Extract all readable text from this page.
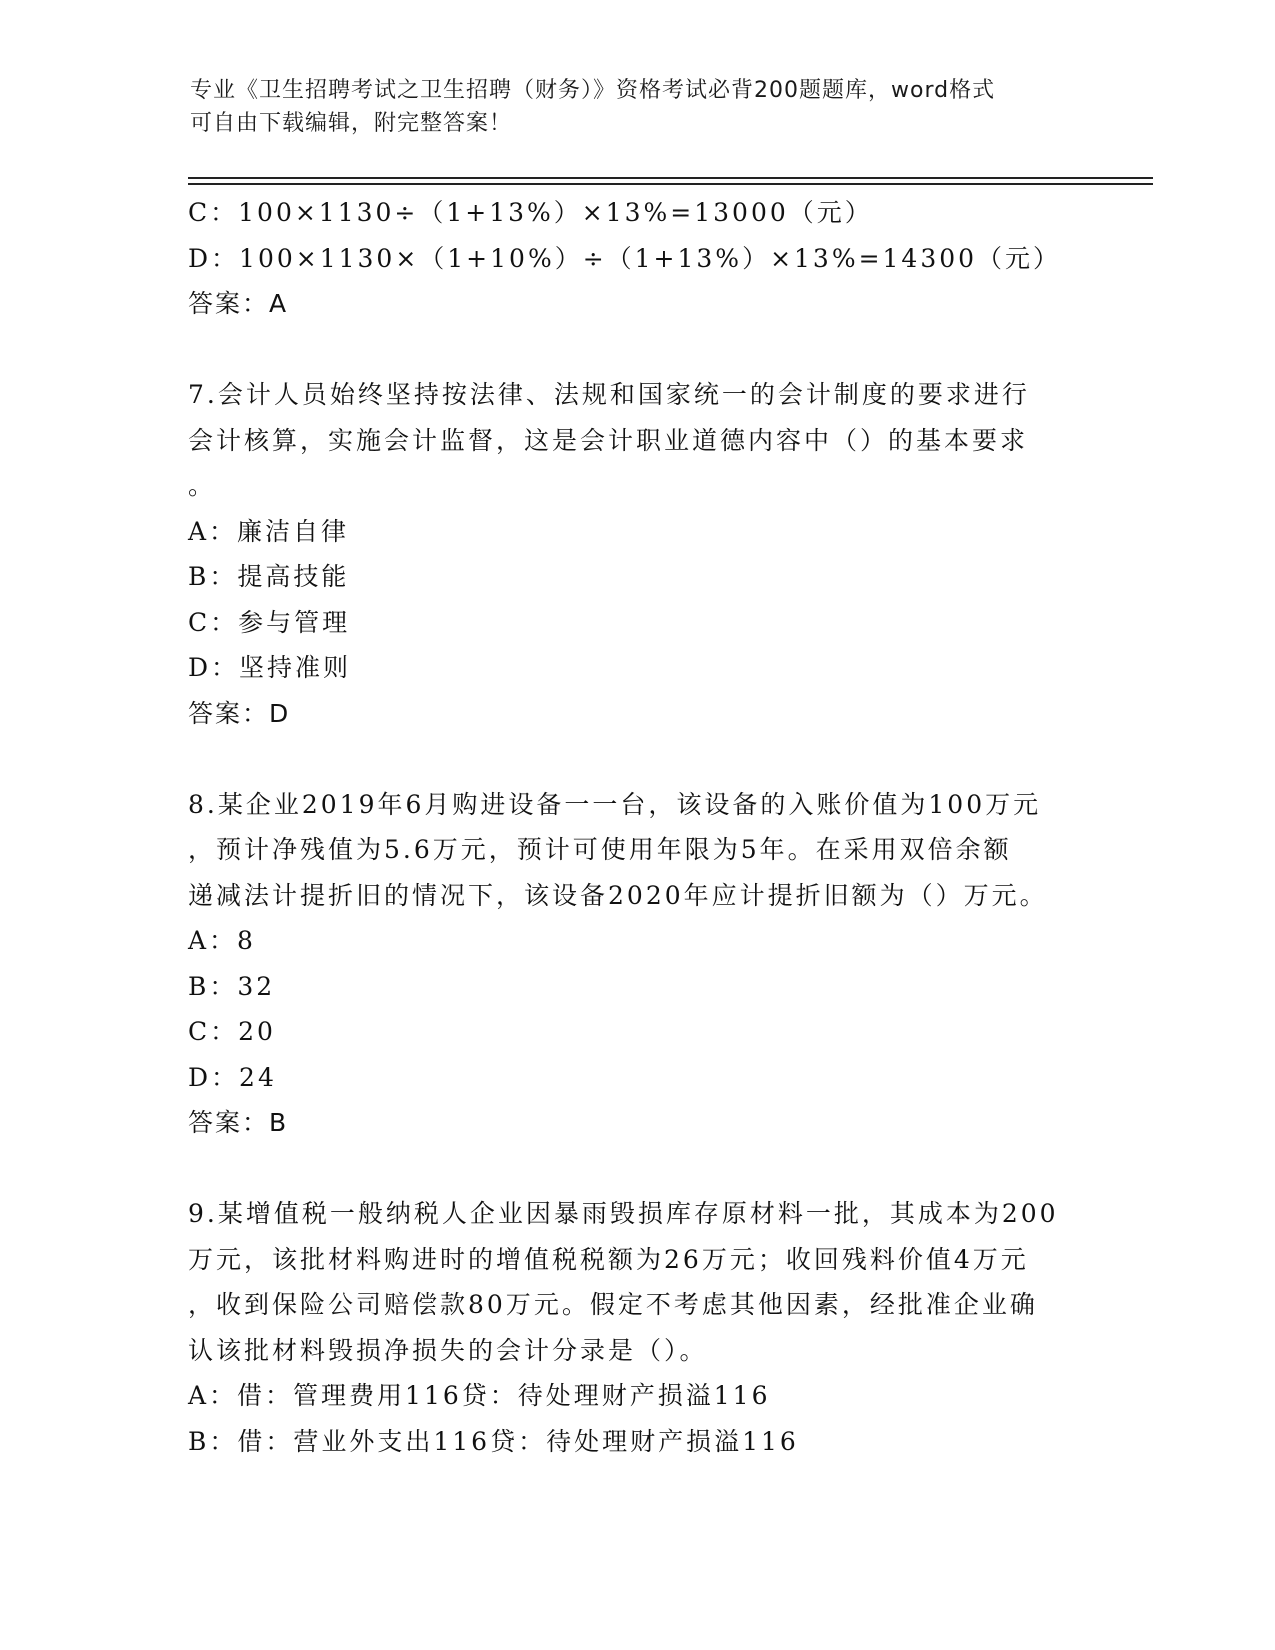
专业《卫生招聘考试之卫生招聘（财务）》资格考试必背200题题库，word格式
可自由下载编辑，附完整答案！
C：100×1130÷（1+13%）×13%=13000（元）
D：100×1130×（1+10%）÷（1+13%）×13%=14300（元）
答案：A
7.会计人员始终坚持按法律、法规和国家统一的会计制度的要求进行
会计核算，实施会计监督，这是会计职业道德内容中（）的基本要求
。
A：廉洁自律
B：提高技能
C：参与管理
D：坚持准则
答案：D
8.某企业2019年6月购进设备一一台，该设备的入账价值为100万元
，预计净残值为5.6万元，预计可使用年限为5年。在采用双倍余额
递减法计提折旧的情况下，该设备2020年应计提折旧额为（）万元。
A：8
B：32
C：20
D：24
答案：B
9.某增值税一般纳税人企业因暴雨毁损库存原材料一批，其成本为200
万元，该批材料购进时的增值税税额为26万元；收回残料价值4万元
，收到保险公司赔偿款80万元。假定不考虑其他因素，经批准企业确
认该批材料毁损净损失的会计分录是（）。
A：借：管理费用116贷：待处理财产损溢116
B：借：营业外支出116贷：待处理财产损溢116
